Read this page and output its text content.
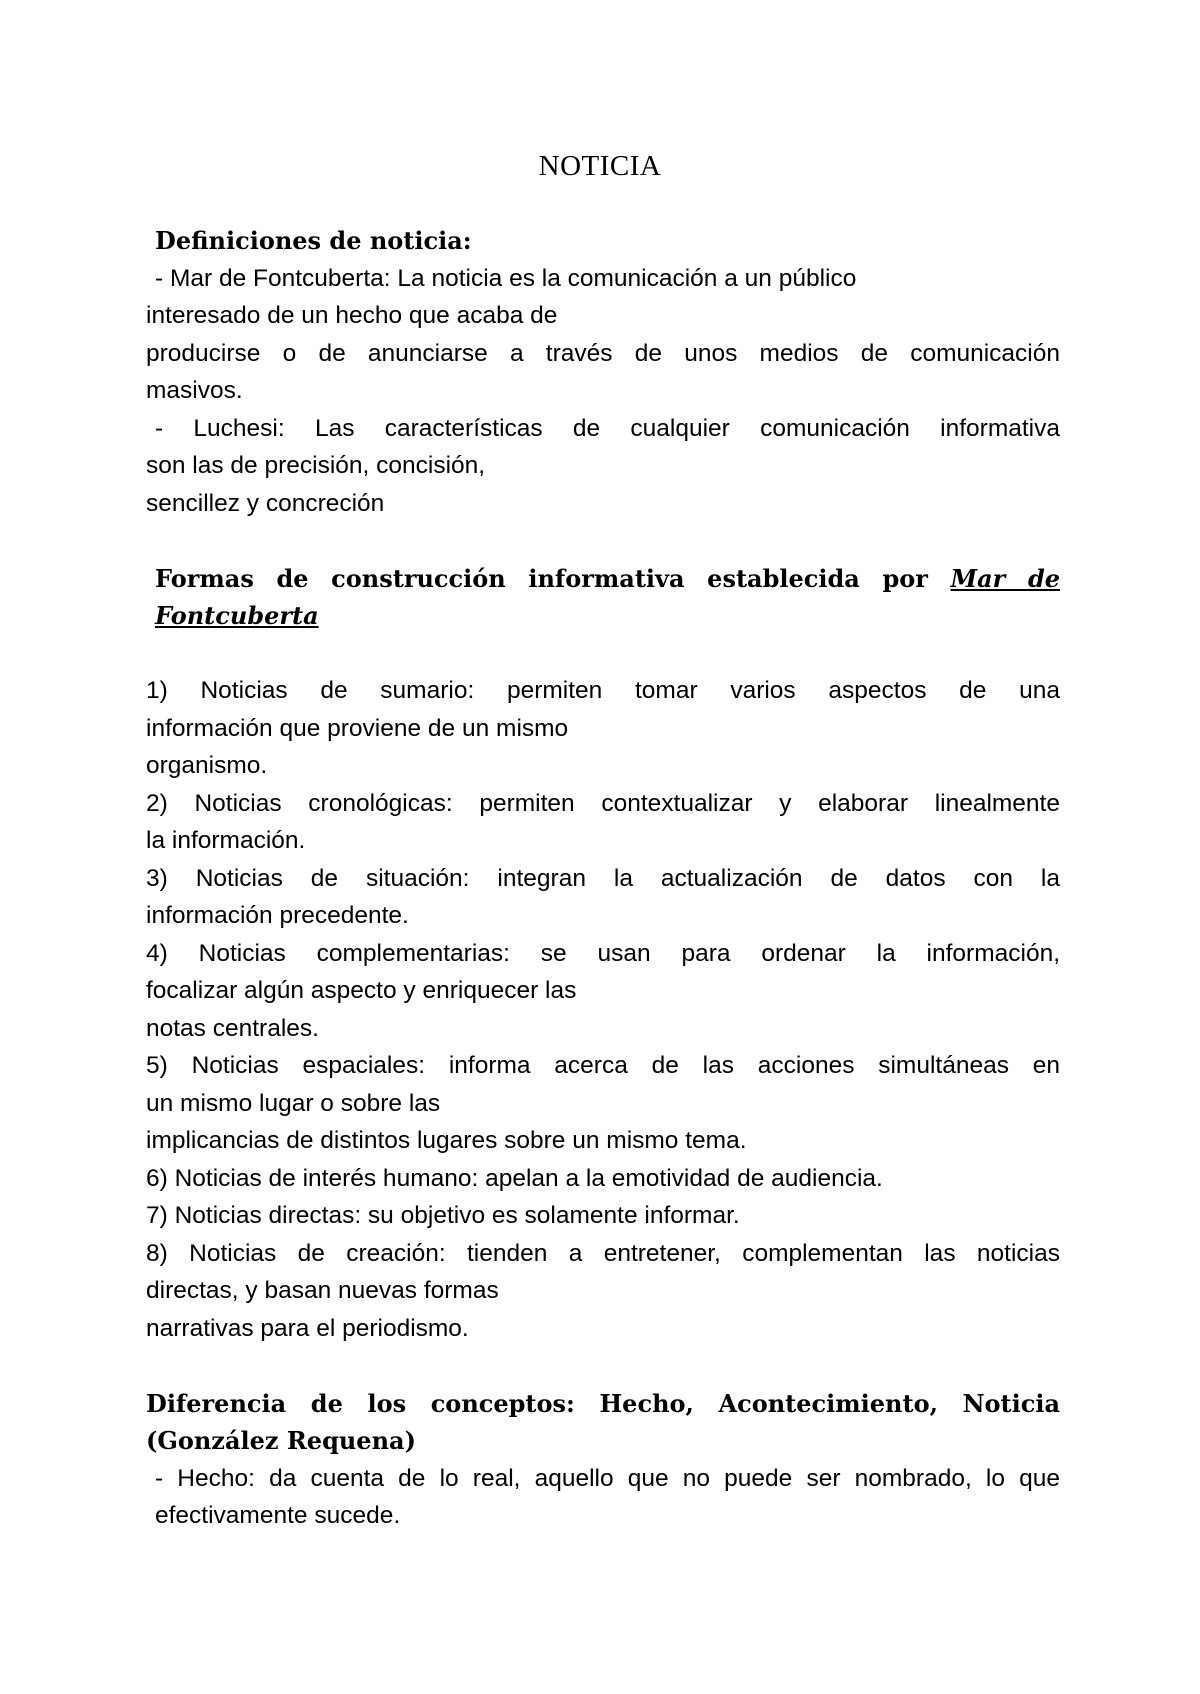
NOTICIA
Definiciones de noticia:
- Mar de Fontcuberta: La noticia es la comunicación a un público
interesado de un hecho que acaba de
producirse o de anunciarse a través de unos medios de comunicación
masivos.
- Luchesi: Las características de cualquier comunicación informativa
son las de precisión, concisión,
sencillez y concreción
Formas de construcción informativa establecida por Mar de Fontcuberta
1) Noticias de sumario: permiten tomar varios aspectos de una
información que proviene de un mismo
organismo.
2) Noticias cronológicas: permiten contextualizar y elaborar linealmente
la información.
3) Noticias de situación: integran la actualización de datos con la
información precedente.
4) Noticias complementarias: se usan para ordenar la información,
focalizar algún aspecto y enriquecer las
notas centrales.
5) Noticias espaciales: informa acerca de las acciones simultáneas en
un mismo lugar o sobre las
implicancias de distintos lugares sobre un mismo tema.
6) Noticias de interés humano: apelan a la emotividad de audiencia.
7) Noticias directas: su objetivo es solamente informar.
8) Noticias de creación: tienden a entretener, complementan las noticias
directas, y basan nuevas formas
narrativas para el periodismo.
Diferencia de los conceptos: Hecho, Acontecimiento, Noticia (González Requena)
- Hecho: da cuenta de lo real, aquello que no puede ser nombrado, lo que efectivamente sucede.
